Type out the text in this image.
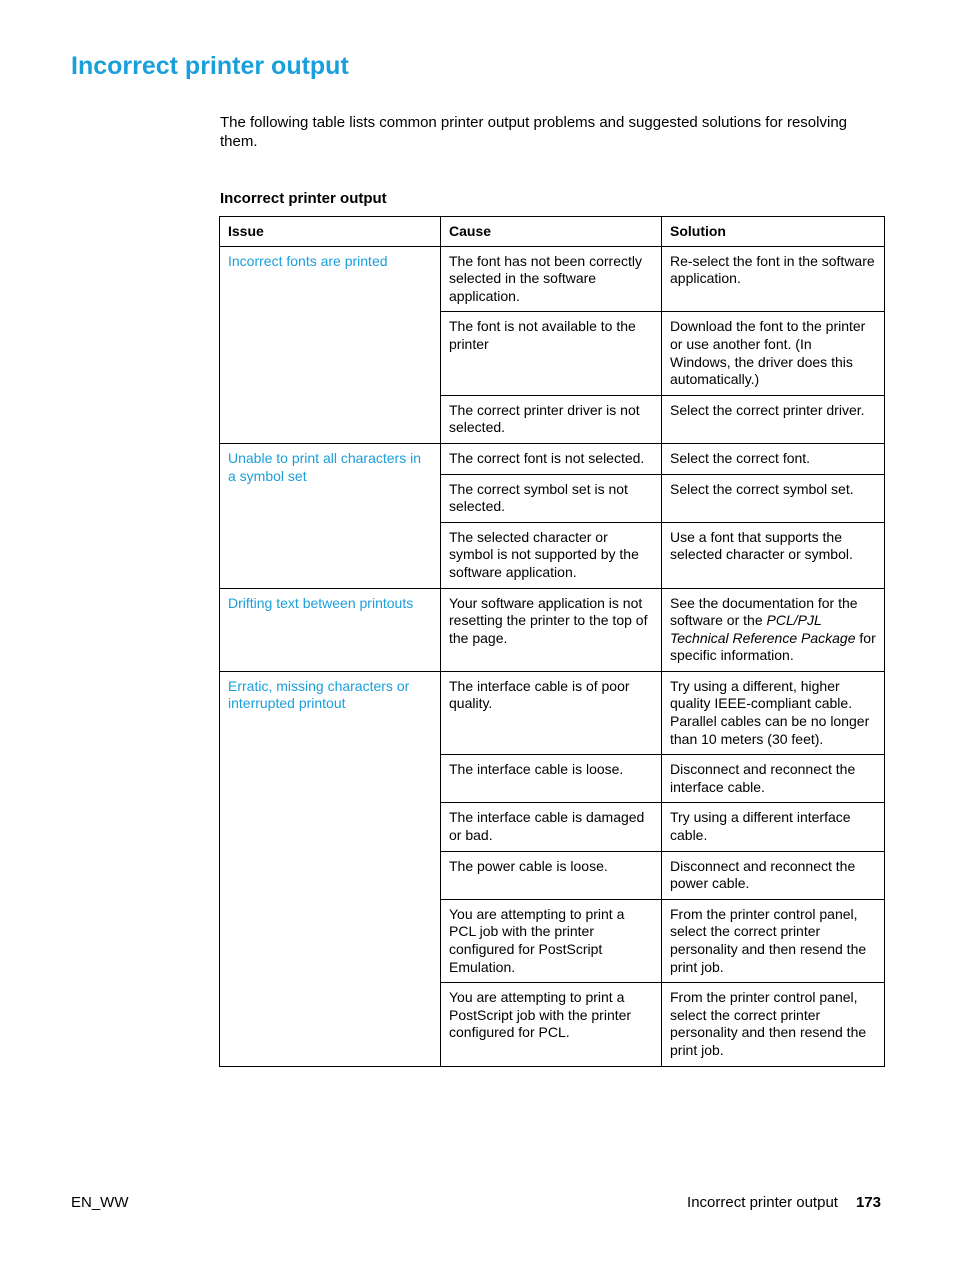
Incorrect printer output

The following table lists common printer output problems and suggested solutions for resolving them.

Incorrect printer output

Issue	Cause	Solution
Incorrect fonts are printed	The font has not been correctly selected in the software application.	Re-select the font in the software application.
	The font is not available to the printer	Download the font to the printer or use another font. (In Windows, the driver does this automatically.)
	The correct printer driver is not selected.	Select the correct printer driver.
Unable to print all characters in a symbol set	The correct font is not selected.	Select the correct font.
	The correct symbol set is not selected.	Select the correct symbol set.
	The selected character or symbol is not supported by the software application.	Use a font that supports the selected character or symbol.
Drifting text between printouts	Your software application is not resetting the printer to the top of the page.	See the documentation for the software or the PCL/PJL Technical Reference Package for specific information.
Erratic, missing characters or interrupted printout	The interface cable is of poor quality.	Try using a different, higher quality IEEE-compliant cable. Parallel cables can be no longer than 10 meters (30 feet).
	The interface cable is loose.	Disconnect and reconnect the interface cable.
	The interface cable is damaged or bad.	Try using a different interface cable.
	The power cable is loose.	Disconnect and reconnect the power cable.
	You are attempting to print a PCL job with the printer configured for PostScript Emulation.	From the printer control panel, select the correct printer personality and then resend the print job.
	You are attempting to print a PostScript job with the printer configured for PCL.	From the printer control panel, select the correct printer personality and then resend the print job.
EN_WW	Incorrect printer output 173
